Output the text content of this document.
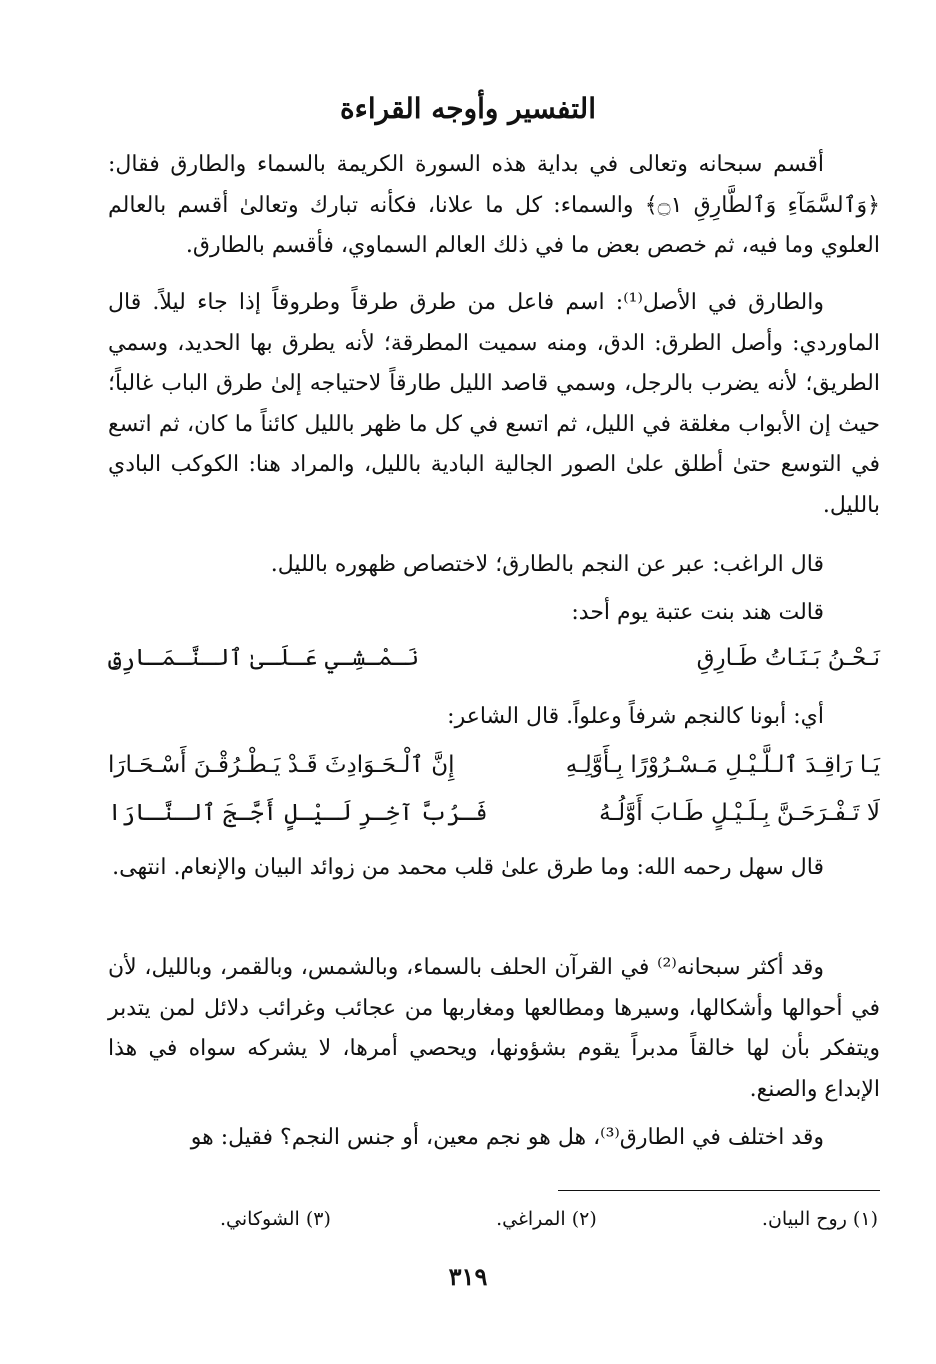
التفسير وأوجه القراءة
أقسم سبحانه وتعالى في بداية هذه السورة الكريمة بالسماء والطارق فقال: ﴿وَٱلسَّمَآءِ وَٱلطَّارِقِ ۝١﴾ والسماء: كل ما علانا، فكأنه تبارك وتعالىٰ أقسم بالعالم العلوي وما فيه، ثم خصص بعض ما في ذلك العالم السماوي، فأقسم بالطارق.
والطارق في الأصل⁽¹⁾: اسم فاعل من طرق طرقاً وطروقاً إذا جاء ليلاً. قال الماوردي: وأصل الطرق: الدق، ومنه سميت المطرقة؛ لأنه يطرق بها الحديد، وسمي الطريق؛ لأنه يضرب بالرجل، وسمي قاصد الليل طارقاً لاحتياجه إلىٰ طرق الباب غالباً؛ حيث إن الأبواب مغلقة في الليل، ثم اتسع في كل ما ظهر بالليل كائناً ما كان، ثم اتسع في التوسع حتىٰ أطلق علىٰ الصور الجالية البادية بالليل، والمراد هنا: الكوكب البادي بالليل.
قال الراغب: عبر عن النجم بالطارق؛ لاختصاص ظهوره بالليل.
قالت هند بنت عتبة يوم أحد:
نَـحْـنُ بَـنَـاتُ طَـارِقِ
نَـمْـشِـي عَـلَـىٰ ٱلـنَّـمَـارِقِ
أي: أبونا كالنجم شرفاً وعلواً. قال الشاعر:
يَـا رَاقِـدَ ٱلـلَّـيْـلِ مَـسْـرُوْرًا بِـأَوَّلِـهِ
إِنَّ ٱلْـحَـوَادِثَ قَـدْ يَـطْـرُقْـنَ أَسْـحَـارَا
لَا تَـفْـرَحَـنَّ بِـلَـيْـلٍ طَـابَ أَوَّلُـهُ
فَـرُبَّ آخِـرِ لَـيْـلٍ أَجَّـجَ ٱلـنَّـارَا
قال سهل رحمه الله: وما طرق علىٰ قلب محمد من زوائد البيان والإنعام. انتهى.
وقد أكثر سبحانه⁽²⁾ في القرآن الحلف بالسماء، وبالشمس، وبالقمر، وبالليل، لأن في أحوالها وأشكالها، وسيرها ومطالعها ومغاربها من عجائب وغرائب دلائل لمن يتدبر ويتفكر بأن لها خالقاً مدبراً يقوم بشؤونها، ويحصي أمرها، لا يشركه سواه في هذا الإبداع والصنع.
وقد اختلف في الطارق⁽³⁾، هل هو نجم معين، أو جنس النجم؟ فقيل: هو
(١) روح البيان.
(٢) المراغي.
(٣) الشوكاني.
٣١٩
